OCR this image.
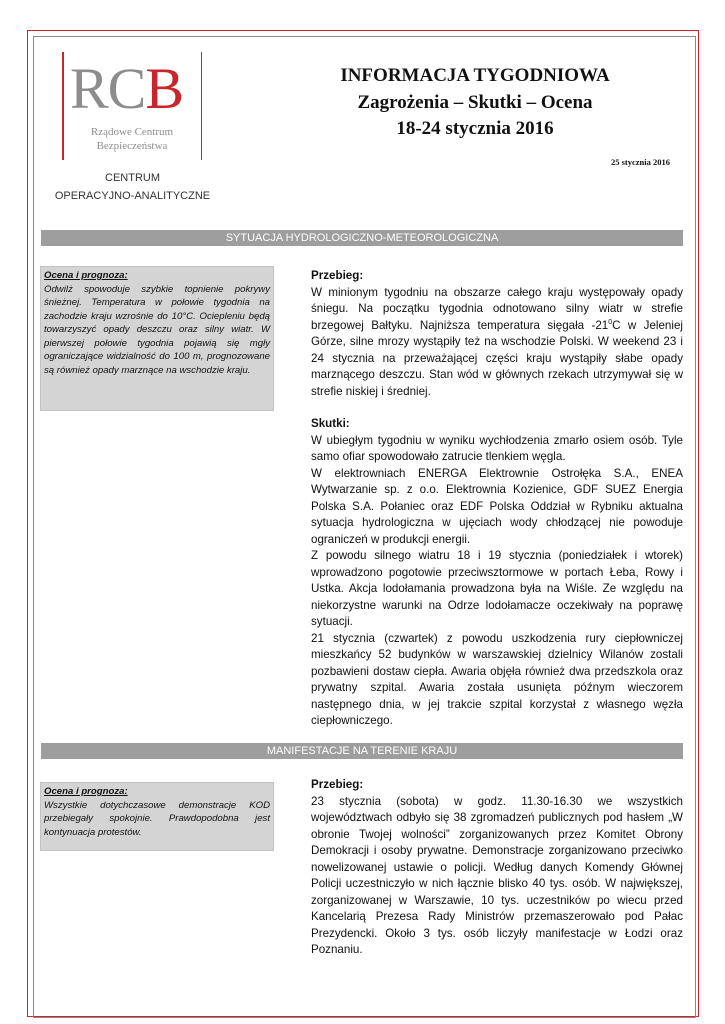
RCB
Rządowe Centrum
Bezpieczeństwa
CENTRUM
OPERACYJNO-ANALITYCZNE
INFORMACJA TYGODNIOWA
Zagrożenia – Skutki – Ocena
18-24 stycznia 2016
25 stycznia 2016
SYTUACJA HYDROLOGICZNO-METEOROLOGICZNA
Ocena i prognoza:
Odwilż spowoduje szybkie topnienie pokrywy śnieżnej. Temperatura w połowie tygodnia na zachodzie kraju wzrośnie do 10°C. Ociepleniu będą towarzyszyć opady deszczu oraz silny wiatr. W pierwszej połowie tygodnia pojawią się mgły ograniczające widzialność do 100 m, prognozowane są również opady marznące na wschodzie kraju.

Przebieg:

W minionym tygodniu na obszarze całego kraju występowały opady śniegu. Na początku tygodnia odnotowano silny wiatr w strefie brzegowej Bałtyku. Najniższa temperatura sięgała $-21^0C$ w Jeleniej Górze, silne mrozy wystąpiły też na wschodzie Polski. W weekend 23 i 24 stycznia na przeważającej części kraju wystąpiły słabe opady marznącego deszczu. Stan wód w głównych rzekach utrzymywał się w strefie niskiej i średniej.

Skutki:

W ubiegłym tygodniu w wyniku wychłodzenia zmarło osiem osób. Tyle samo ofiar spowodowało zatrucie tlenkiem węgla.

W elektrowniach ENERGA Elektrownie Ostrołęka S.A., ENEA Wytwarzanie sp. z o.o. Elektrownia Kozienice, GDF SUEZ Energia Polska S.A. Połaniec oraz EDF Polska Oddział w Rybniku aktualna sytuacja hydrologiczna w ujęciach wody chłodzącej nie powoduje ograniczeń w produkcji energii.

Z powodu silnego wiatru 18 i 19 stycznia (poniedziałek i wtorek) wprowadzono pogotowie przeciwsztormowe w portach Łeba, Rowy i Ustka. Akcja lodołamania prowadzona była na Wiśle. Ze względu na niekorzystne warunki na Odrze lodołamacze oczekiwały na poprawę sytuacji.

21 stycznia (czwartek) z powodu uszkodzenia rury ciepłowniczej mieszkańcy 52 budynków w warszawskiej dzielnicy Wilanów zostali pozbawieni dostaw ciepła. Awaria objęła również dwa przedszkola oraz prywatny szpital. Awaria została usunięta późnym wieczorem następnego dnia, w jej trakcie szpital korzystał z własnego węzła ciepłowniczego.

MANIFESTACJE NA TERENIE KRAJU
Ocena i prognoza:
Wszystkie dotychczasowe demonstracje KOD przebiegały spokojnie. Prawdopodobna jest kontynuacja protestów.

Przebieg:

23 stycznia (sobota) w godz. 11.30-16.30 we wszystkich województwach odbyło się 38 zgromadzeń publicznych pod hasłem „W obronie Twojej wolności” zorganizowanych przez Komitet Obrony Demokracji i osoby prywatne. Demonstracje zorganizowano przeciwko nowelizowanej ustawie o policji. Według danych Komendy Głównej Policji uczestniczyło w nich łącznie blisko 40 tys. osób. W największej, zorganizowanej w Warszawie, 10 tys. uczestników po wiecu przed Kancelarią Prezesa Rady Ministrów przemaszerowało pod Pałac Prezydencki. Około 3 tys. osób liczyły manifestacje w Łodzi oraz Poznaniu.
